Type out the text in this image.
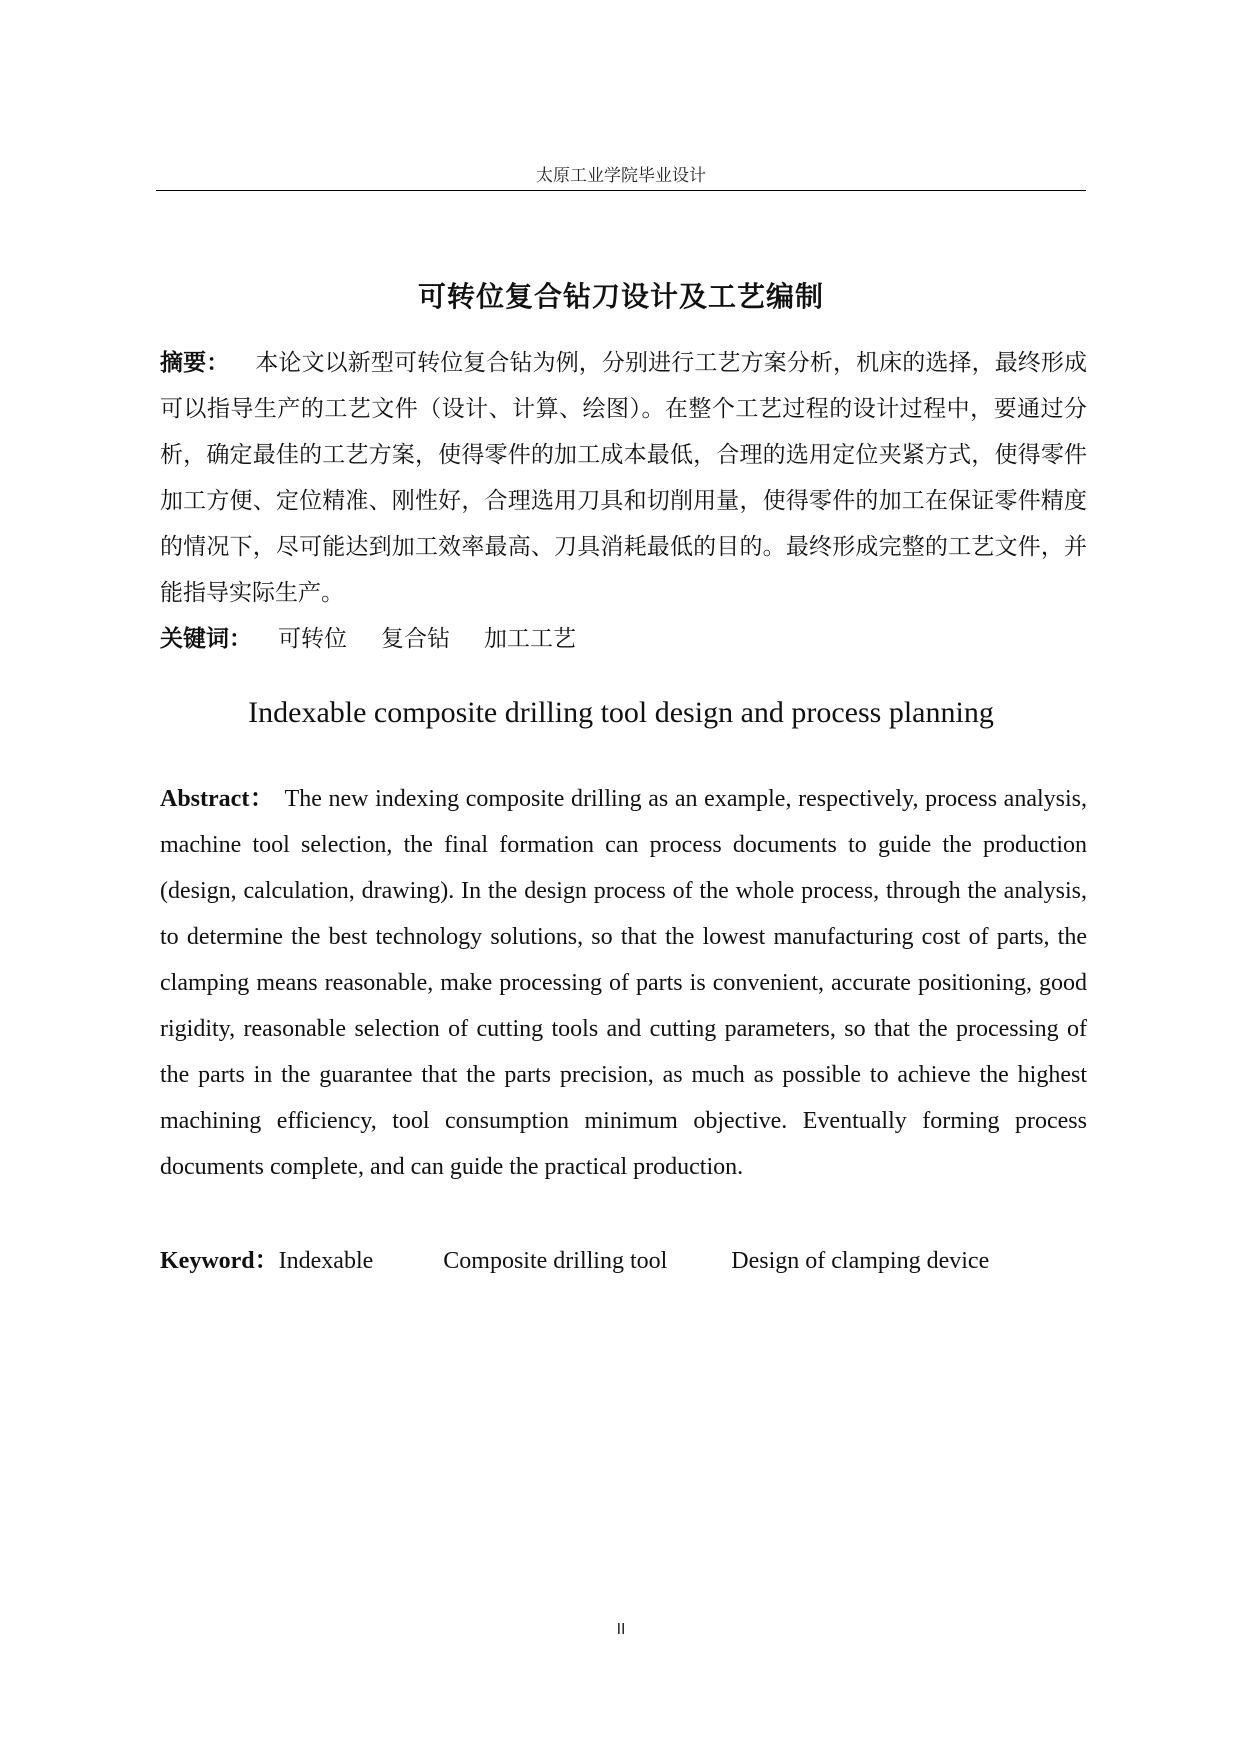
太原工业学院毕业设计
可转位复合钻刀设计及工艺编制
摘要： 本论文以新型可转位复合钻为例，分别进行工艺方案分析，机床的选择，最终形成可以指导生产的工艺文件（设计、计算、绘图）。在整个工艺过程的设计过程中，要通过分析，确定最佳的工艺方案，使得零件的加工成本最低，合理的选用定位夹紧方式，使得零件加工方便、定位精准、刚性好，合理选用刀具和切削用量，使得零件的加工在保证零件精度的情况下，尽可能达到加工效率最高、刀具消耗最低的目的。最终形成完整的工艺文件，并能指导实际生产。
关键词： 可转位 复合钻 加工工艺
Indexable composite drilling tool design and process planning
Abstract： The new indexing composite drilling as an example, respectively, process analysis, machine tool selection, the final formation can process documents to guide the production (design, calculation, drawing). In the design process of the whole process, through the analysis, to determine the best technology solutions, so that the lowest manufacturing cost of parts, the clamping means reasonable, make processing of parts is convenient, accurate positioning, good rigidity, reasonable selection of cutting tools and cutting parameters, so that the processing of the parts in the guarantee that the parts precision, as much as possible to achieve the highest machining efficiency, tool consumption minimum objective. Eventually forming process documents complete, and can guide the practical production.
Keyword：Indexable	Composite drilling tool	Design of clamping device
II
